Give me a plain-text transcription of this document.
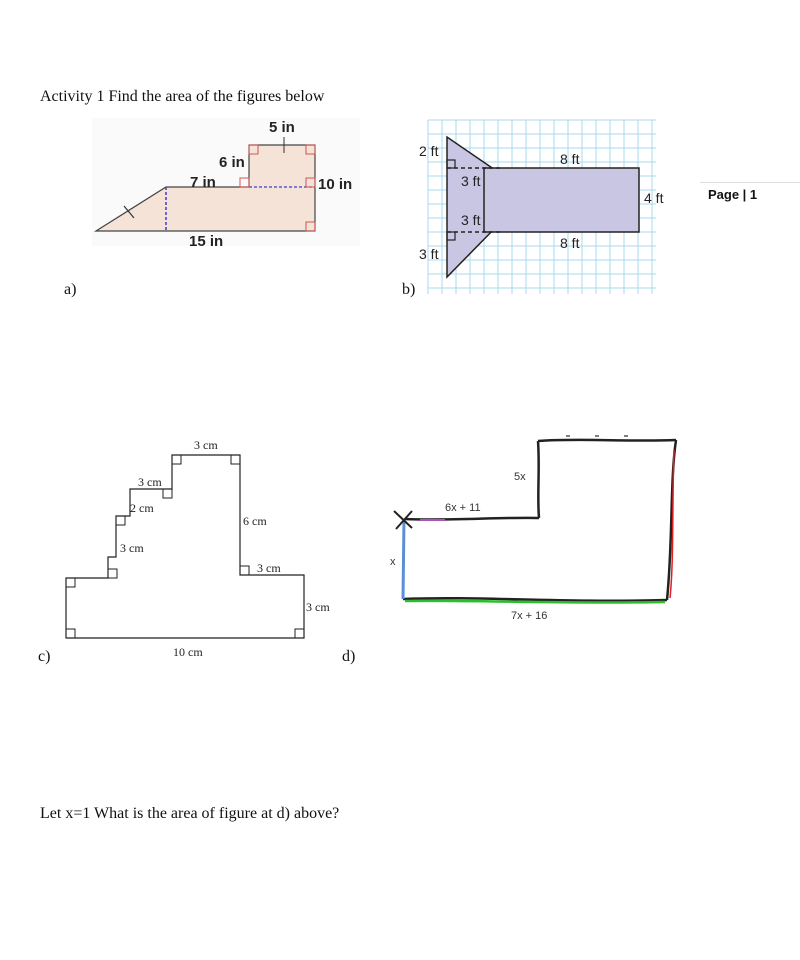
Activity 1 Find the area of the figures below
Page | 1
a)	b)
c)	d)
5 in
6 in
7 in	10 in
15 in
2 ft
3 ft
8 ft
4 ft
3 ft
8 ft
3 ft
3 cm
3 cm
2 cm
3 cm
6 cm
3 cm
3 cm
10 cm
5x
6x + 11
x
7x + 16
Let x=1 What is the area of figure at d) above?
